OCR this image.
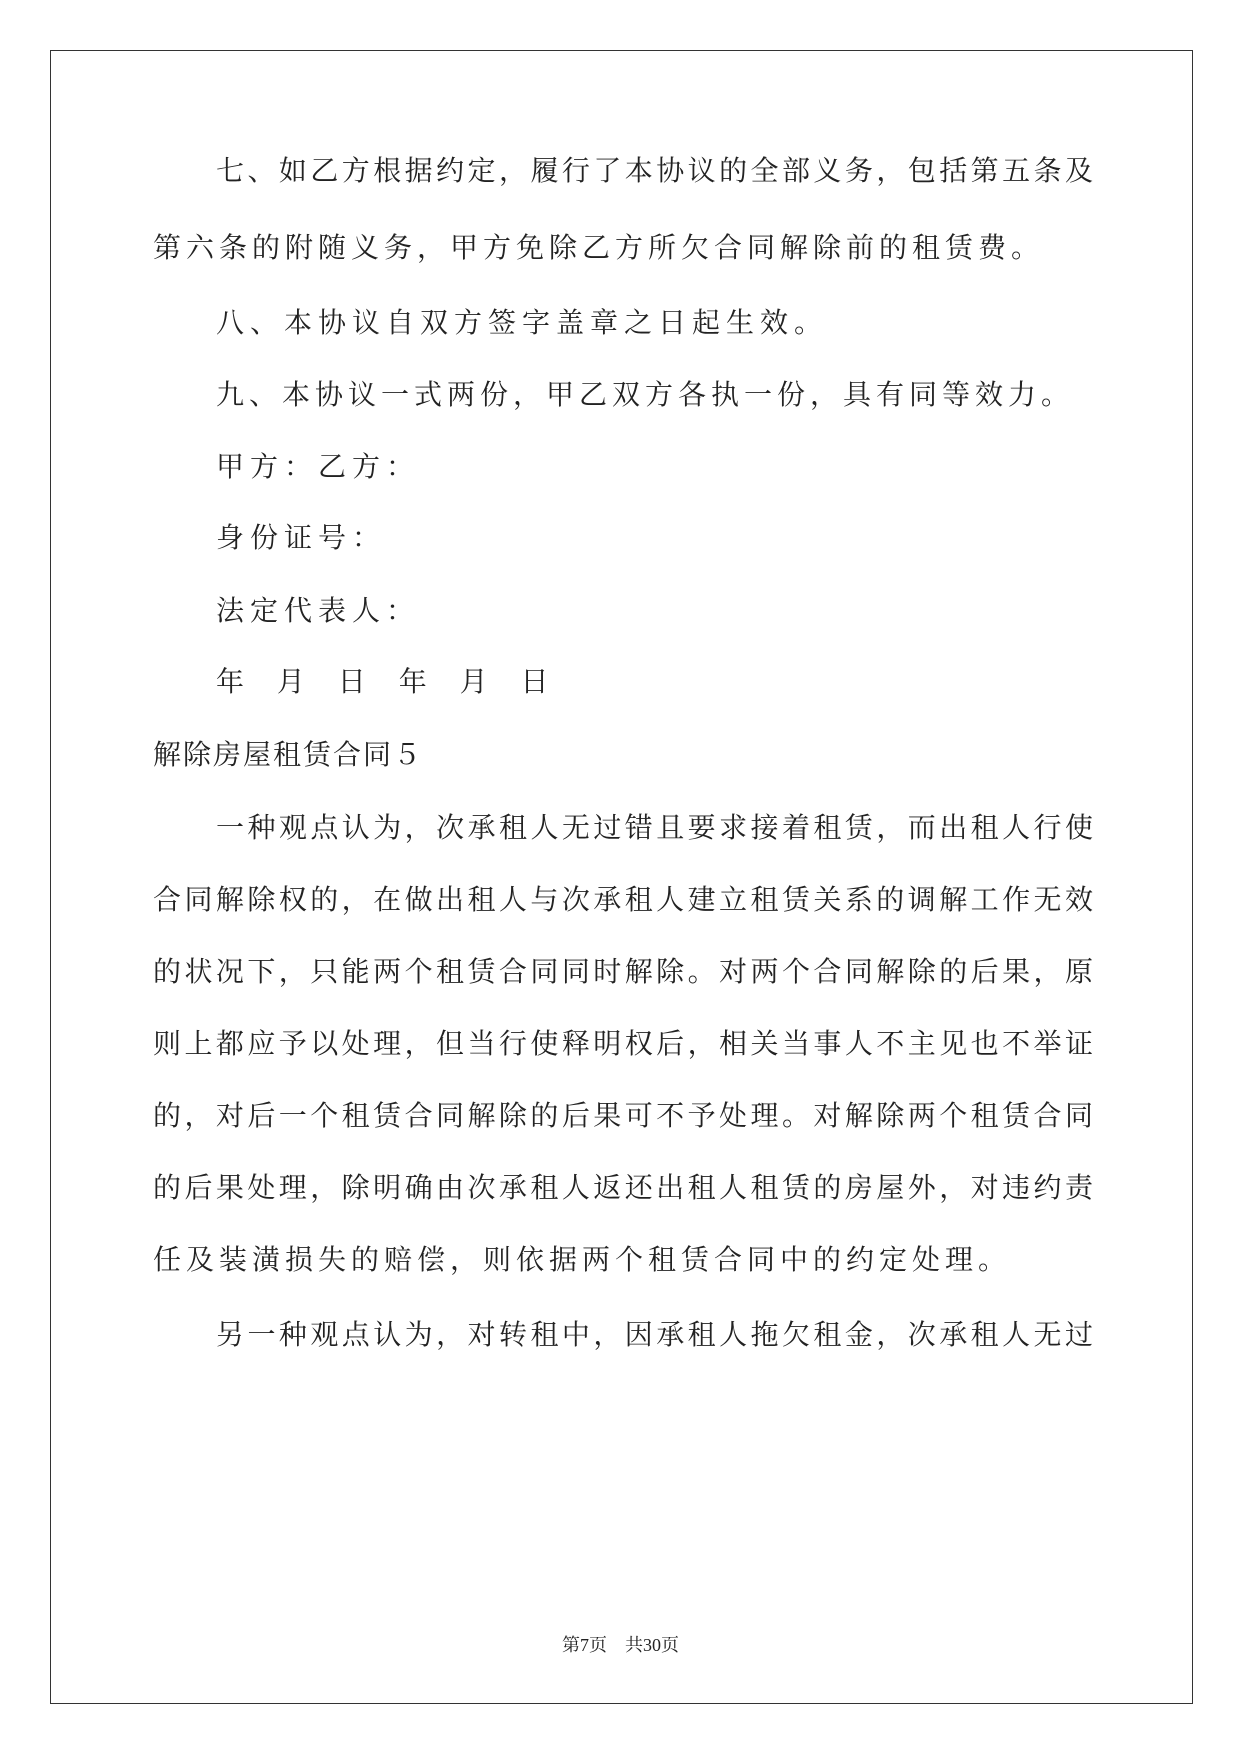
七、如乙方根据约定，履行了本协议的全部义务，包括第五条及
第六条的附随义务，甲方免除乙方所欠合同解除前的租赁费。
八、本协议自双方签字盖章之日起生效。
九、本协议一式两份，甲乙双方各执一份，具有同等效力。
甲方：乙方：
身份证号：
法定代表人：
年 月 日 年 月 日
解除房屋租赁合同５
一种观点认为，次承租人无过错且要求接着租赁，而出租人行使
合同解除权的，在做出租人与次承租人建立租赁关系的调解工作无效
的状况下，只能两个租赁合同同时解除。对两个合同解除的后果，原
则上都应予以处理，但当行使释明权后，相关当事人不主见也不举证
的，对后一个租赁合同解除的后果可不予处理。对解除两个租赁合同
的后果处理，除明确由次承租人返还出租人租赁的房屋外，对违约责
任及装潢损失的赔偿，则依据两个租赁合同中的约定处理。
另一种观点认为，对转租中，因承租人拖欠租金，次承租人无过
第7页　共30页
